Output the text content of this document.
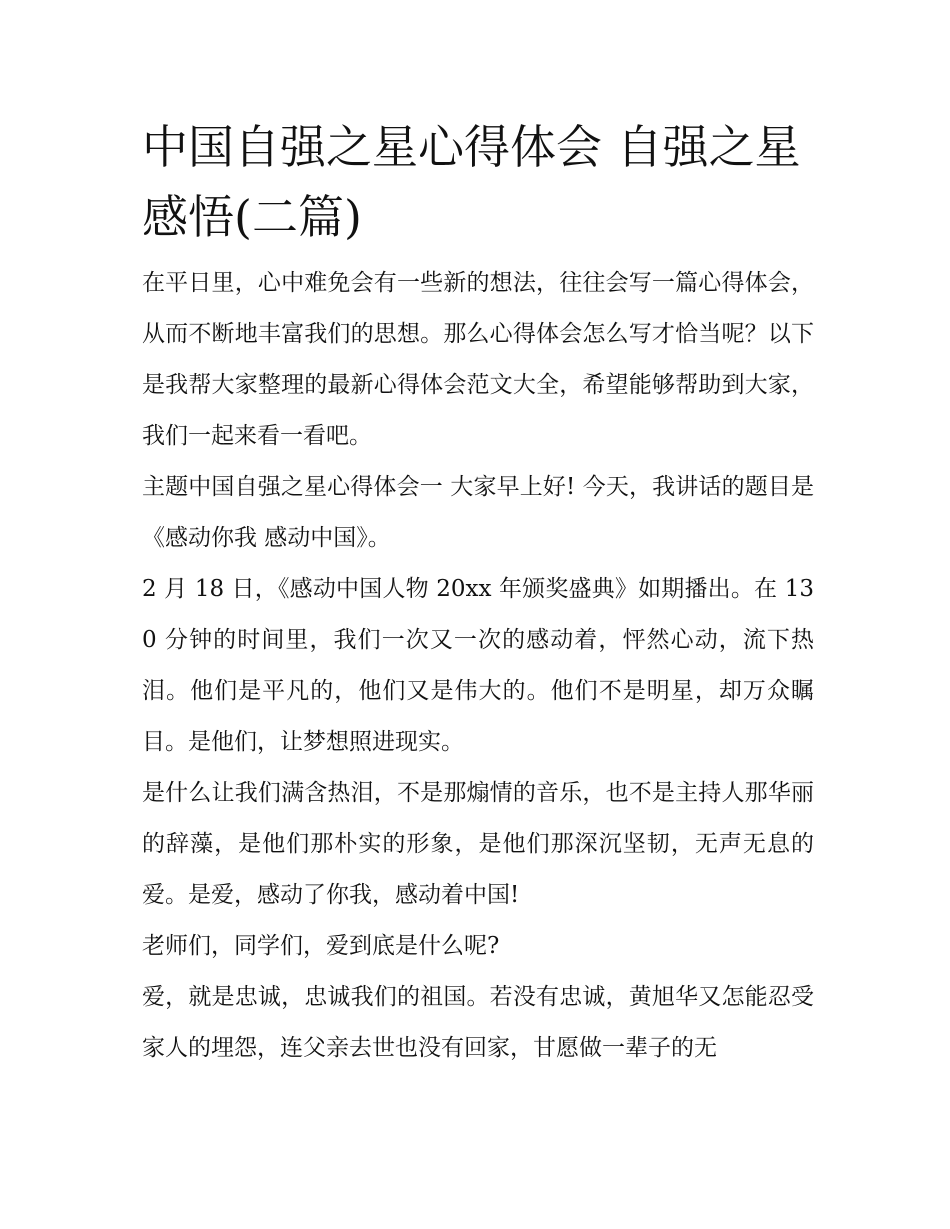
中国自强之星心得体会 自强之星感悟(二篇)

在平日里，心中难免会有一些新的想法，往往会写一篇心得体会，从而不断地丰富我们的思想。那么心得体会怎么写才恰当呢？以下是我帮大家整理的最新心得体会范文大全，希望能够帮助到大家，我们一起来看一看吧。

主题中国自强之星心得体会一 大家早上好! 今天，我讲话的题目是《感动你我 感动中国》。

2 月 18 日，《感动中国人物 20xx 年颁奖盛典》如期播出。在 130 分钟的时间里，我们一次又一次的感动着，怦然心动，流下热泪。他们是平凡的，他们又是伟大的。他们不是明星，却万众瞩目。是他们，让梦想照进现实。

是什么让我们满含热泪，不是那煽情的音乐，也不是主持人那华丽的辞藻，是他们那朴实的形象，是他们那深沉坚韧，无声无息的爱。是爱，感动了你我，感动着中国!

老师们，同学们，爱到底是什么呢?

爱，就是忠诚，忠诚我们的祖国。若没有忠诚，黄旭华又怎能忍受家人的埋怨，连父亲去世也没有回家，甘愿做一辈子的无
